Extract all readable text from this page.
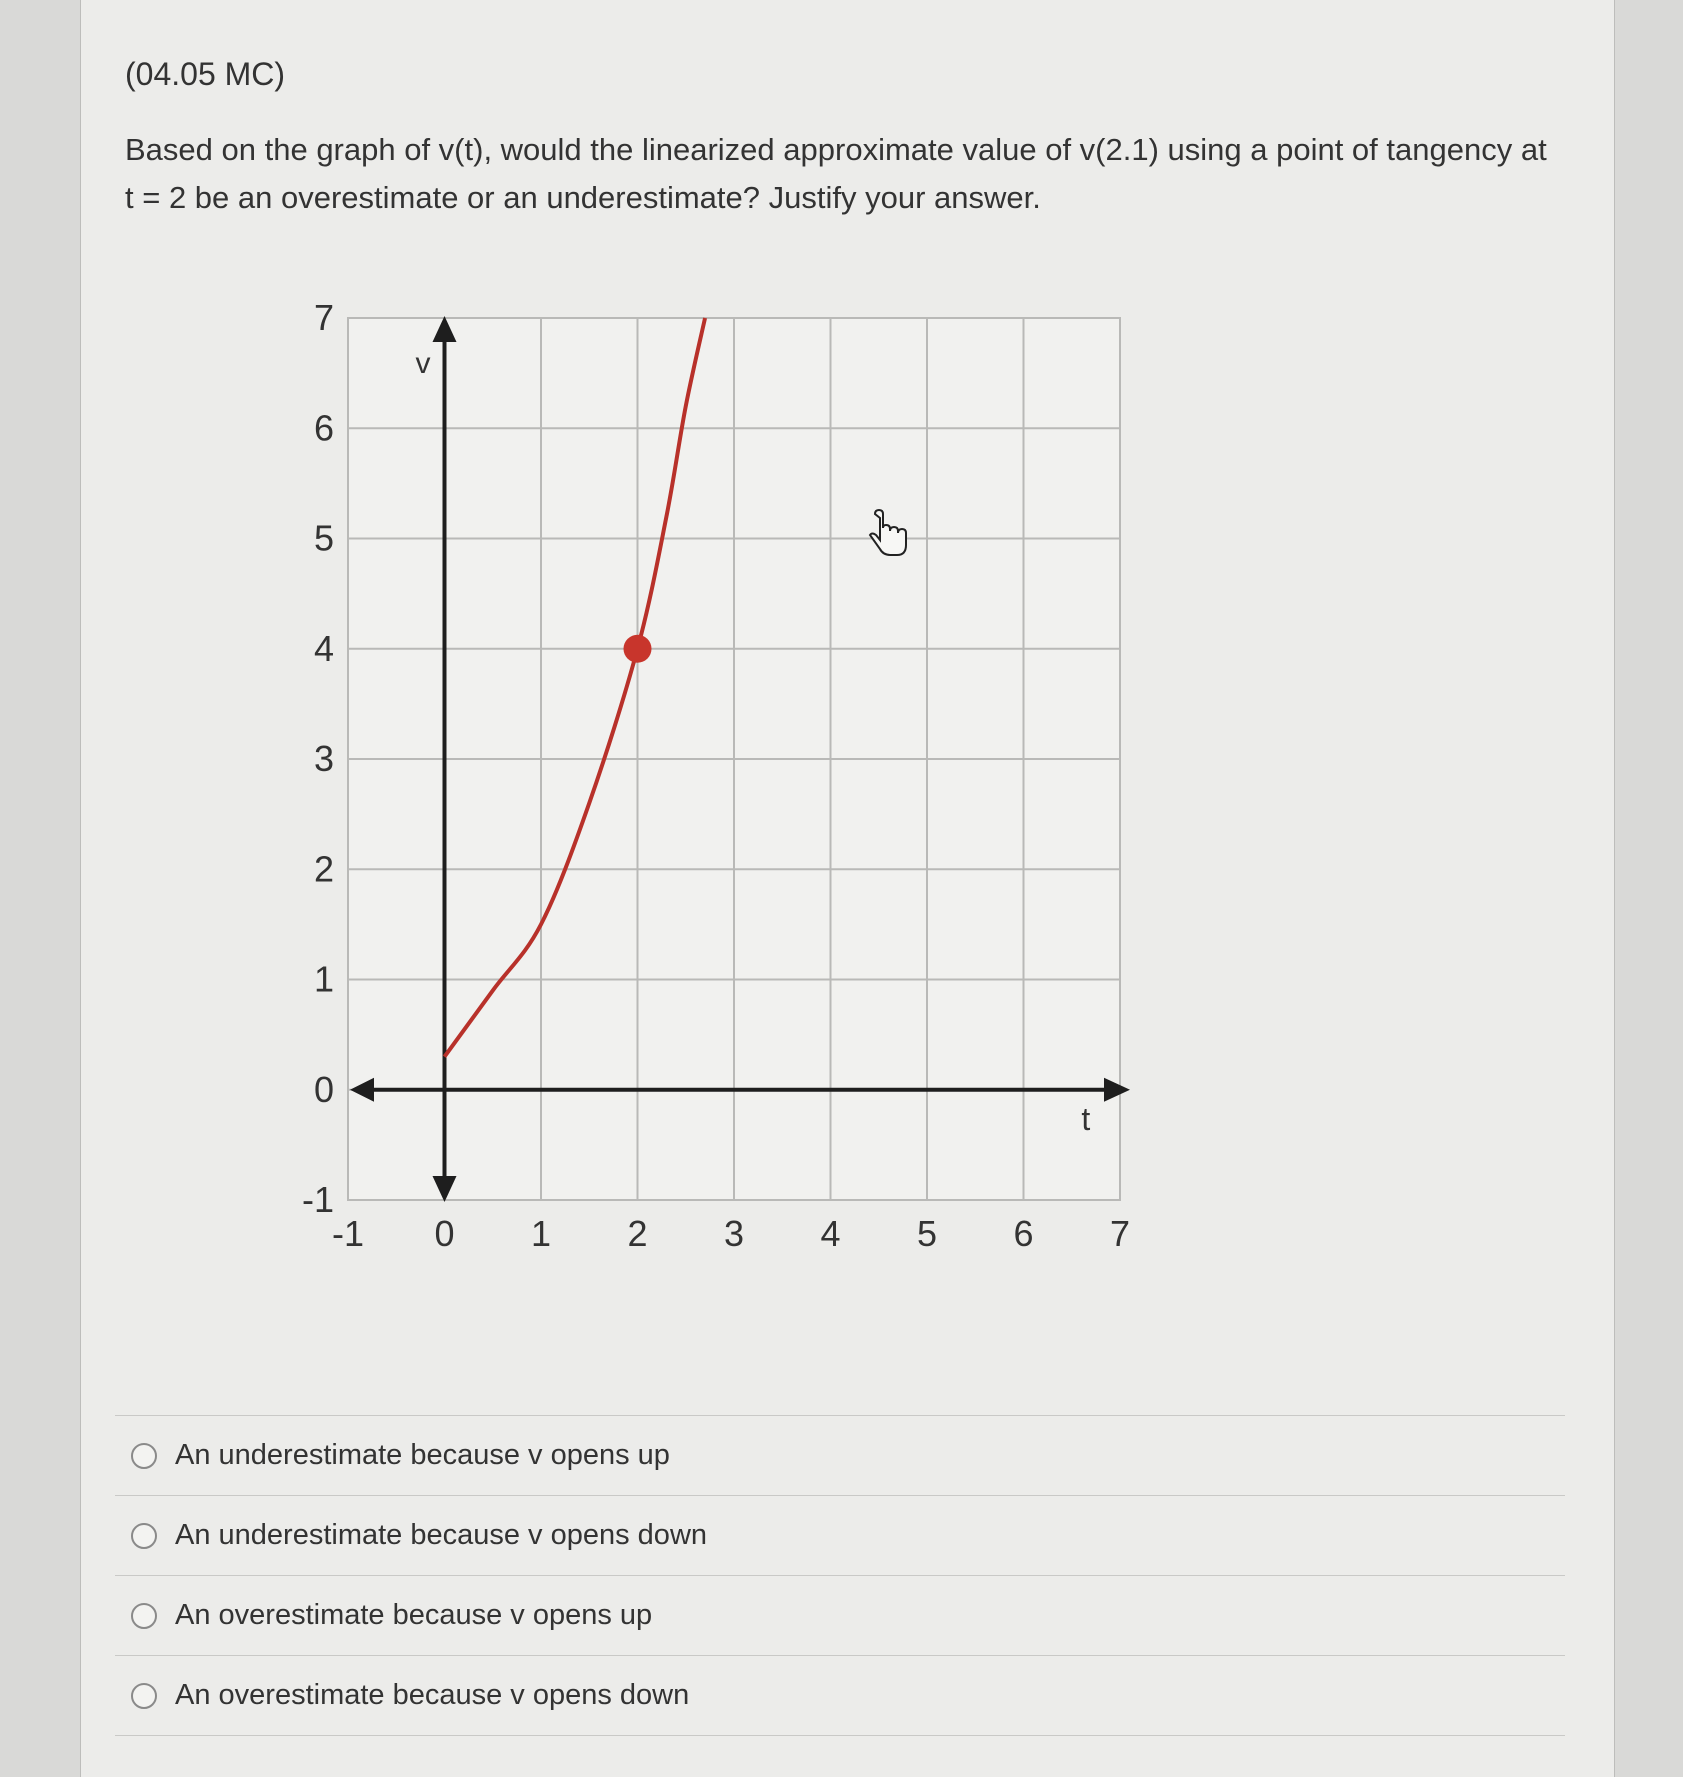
(04.05 MC)
Based on the graph of v(t), would the linearized approximate value of v(2.1) using a point of tangency at t = 2 be an overestimate or an underestimate? Justify your answer.
-1 0 1 2 3 4 5 6 7
-1
0
1
2
3
4
5
6
7
t
v
An underestimate because v opens up
An underestimate because v opens down
An overestimate because v opens up
An overestimate because v opens down
